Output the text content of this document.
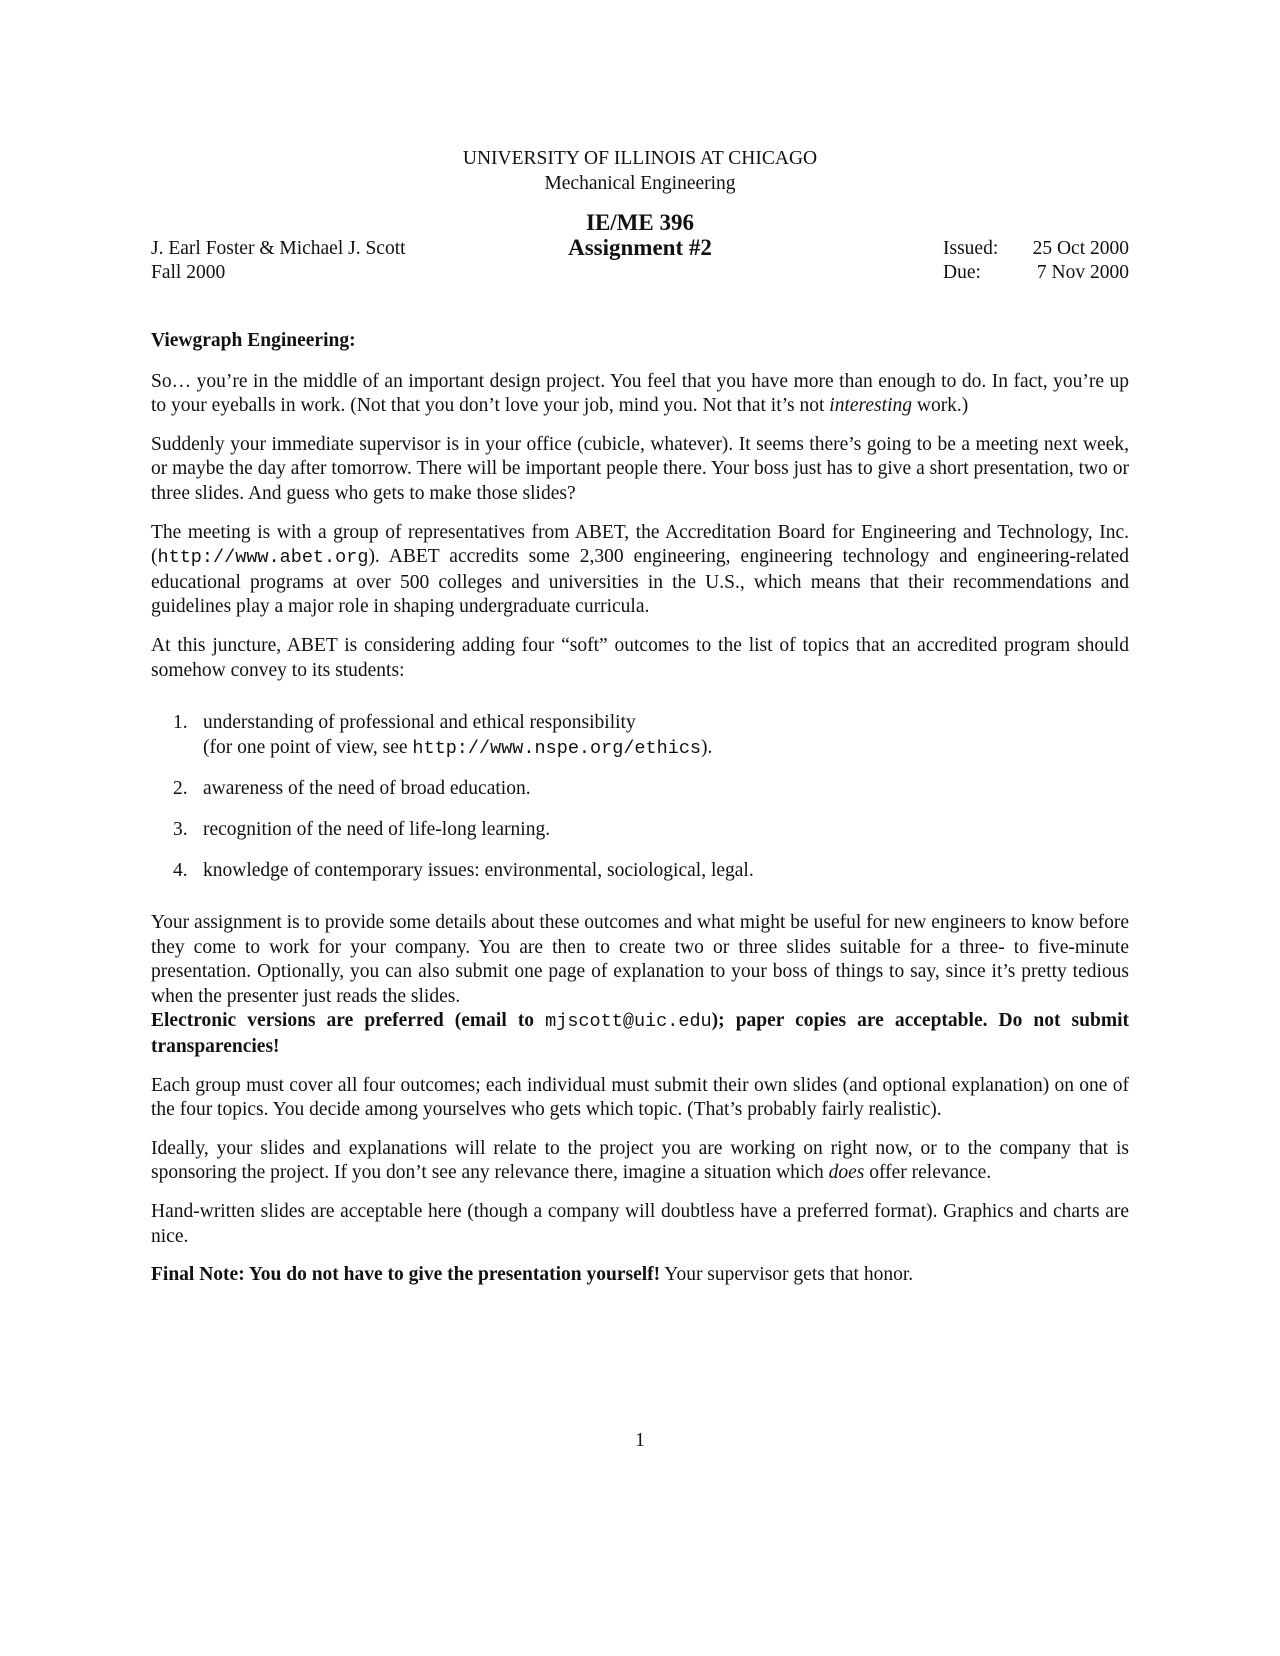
UNIVERSITY OF ILLINOIS AT CHICAGO
Mechanical Engineering
IE/ME 396
Assignment #2
J. Earl Foster & Michael J. Scott
Fall 2000
Issued:	25 Oct 2000
Due:	7 Nov 2000

Viewgraph Engineering:

So… you’re in the middle of an important design project. You feel that you have more than enough to do. In fact, you’re up to your eyeballs in work. (Not that you don’t love your job, mind you. Not that it’s not interesting work.)

Suddenly your immediate supervisor is in your office (cubicle, whatever). It seems there’s going to be a meeting next week, or maybe the day after tomorrow. There will be important people there. Your boss just has to give a short presentation, two or three slides. And guess who gets to make those slides?

The meeting is with a group of representatives from ABET, the Accreditation Board for Engineering and Technology, Inc. (http://www.abet.org). ABET accredits some 2,300 engineering, engineering technology and engineering-related educational programs at over 500 colleges and universities in the U.S., which means that their recommendations and guidelines play a major role in shaping undergraduate curricula.

At this juncture, ABET is considering adding four “soft” outcomes to the list of topics that an accredited program should somehow convey to its students:

1. understanding of professional and ethical responsibility
(for one point of view, see http://www.nspe.org/ethics).
2. awareness of the need of broad education.
3. recognition of the need of life-long learning.
4. knowledge of contemporary issues: environmental, sociological, legal.

Your assignment is to provide some details about these outcomes and what might be useful for new engineers to know before they come to work for your company. You are then to create two or three slides suitable for a three- to five-minute presentation. Optionally, you can also submit one page of explanation to your boss of things to say, since it’s pretty tedious when the presenter just reads the slides.
Electronic versions are preferred (email to mjscott@uic.edu); paper copies are acceptable. Do not submit transparencies!

Each group must cover all four outcomes; each individual must submit their own slides (and optional explanation) on one of the four topics. You decide among yourselves who gets which topic. (That’s probably fairly realistic).

Ideally, your slides and explanations will relate to the project you are working on right now, or to the company that is sponsoring the project. If you don’t see any relevance there, imagine a situation which does offer relevance.

Hand-written slides are acceptable here (though a company will doubtless have a preferred format). Graphics and charts are nice.

Final Note: You do not have to give the presentation yourself! Your supervisor gets that honor.

1
